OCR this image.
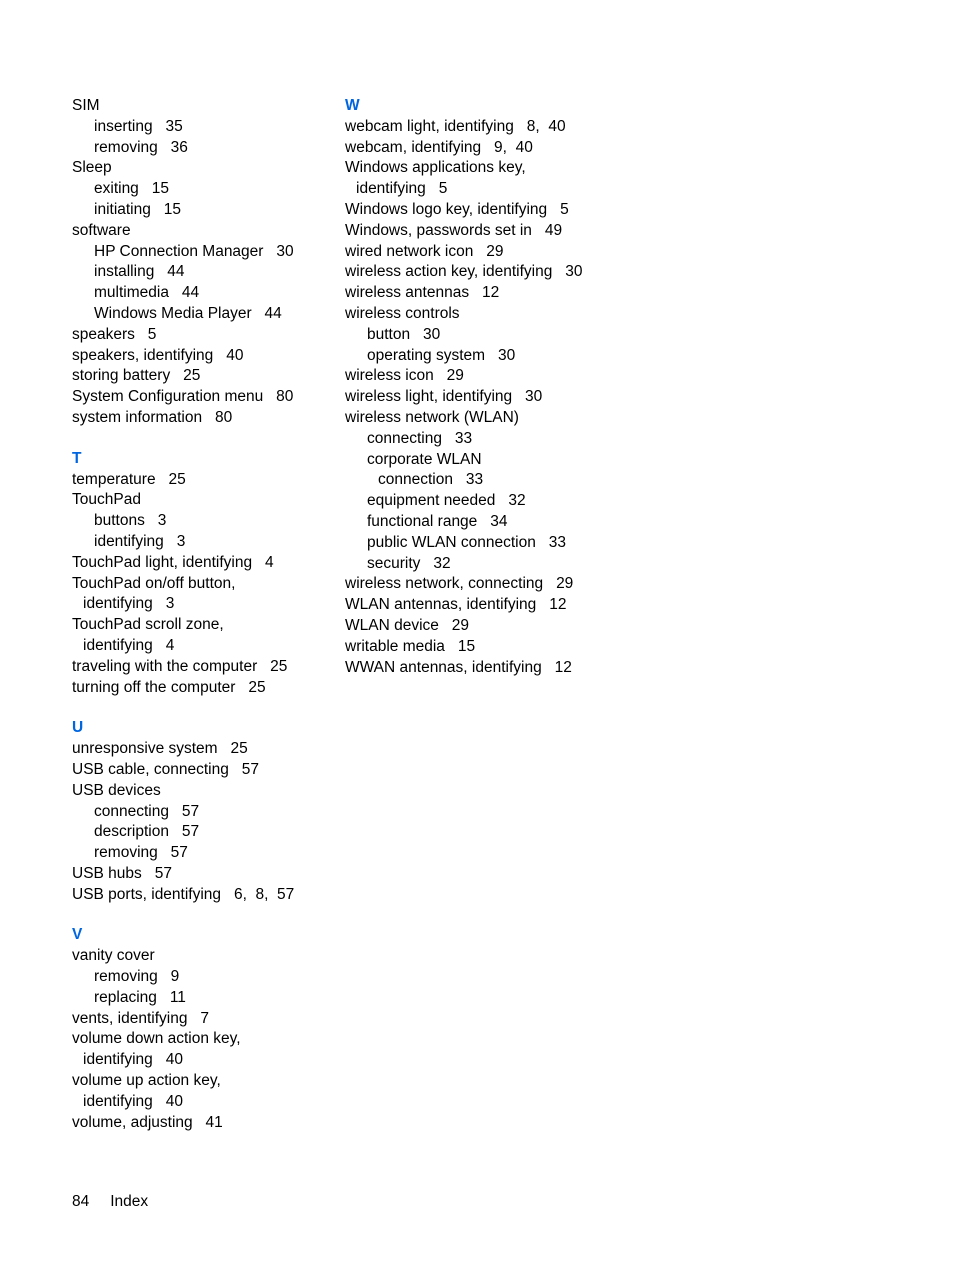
SIM
inserting   35
removing   36
Sleep
exiting   15
initiating   15
software
HP Connection Manager   30
installing   44
multimedia   44
Windows Media Player   44
speakers   5
speakers, identifying   40
storing battery   25
System Configuration menu   80
system information   80
T
temperature   25
TouchPad
buttons   3
identifying   3
TouchPad light, identifying   4
TouchPad on/off button,
identifying   3
TouchPad scroll zone,
identifying   4
traveling with the computer   25
turning off the computer   25
U
unresponsive system   25
USB cable, connecting   57
USB devices
connecting   57
description   57
removing   57
USB hubs   57
USB ports, identifying   6,  8,  57
V
vanity cover
removing   9
replacing   11
vents, identifying   7
volume down action key,
identifying   40
volume up action key,
identifying   40
volume, adjusting   41
W
webcam light, identifying   8,  40
webcam, identifying   9,  40
Windows applications key,
identifying   5
Windows logo key, identifying   5
Windows, passwords set in   49
wired network icon   29
wireless action key, identifying   30
wireless antennas   12
wireless controls
button   30
operating system   30
wireless icon   29
wireless light, identifying   30
wireless network (WLAN)
connecting   33
corporate WLAN
connection   33
equipment needed   32
functional range   34
public WLAN connection   33
security   32
wireless network, connecting   29
WLAN antennas, identifying   12
WLAN device   29
writable media   15
WWAN antennas, identifying   12
84 Index
